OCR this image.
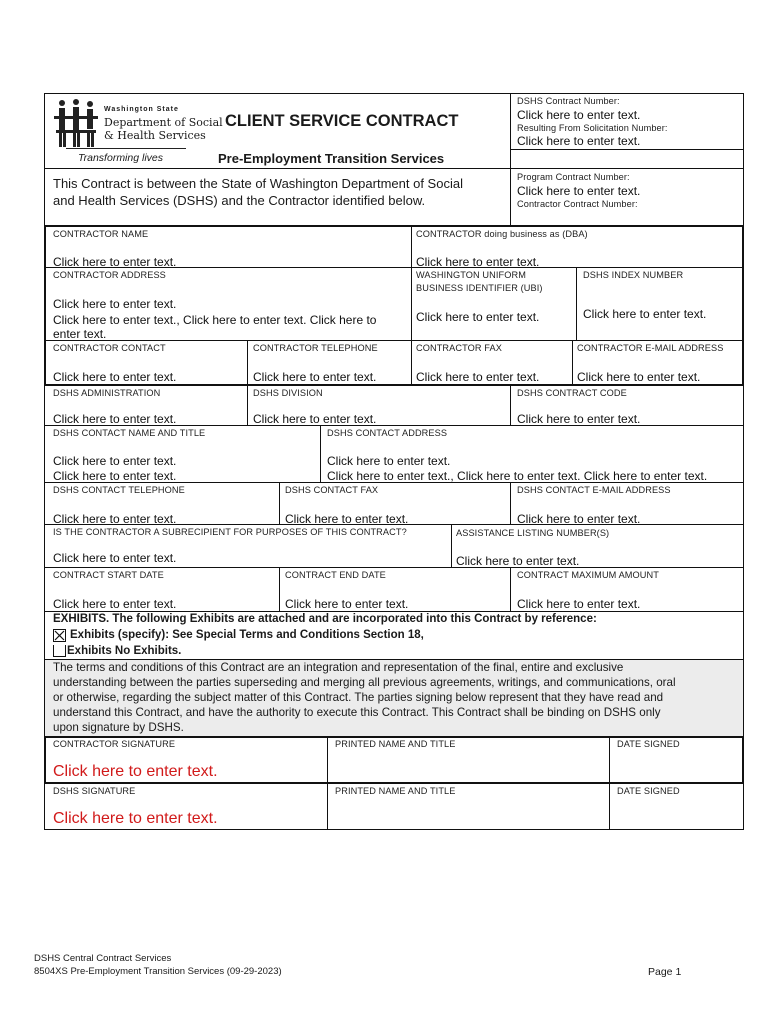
Washington State
Department of Social
& Health Services
Transforming lives
CLIENT SERVICE CONTRACT
Pre-Employment Transition Services
This Contract is between the State of Washington Department of Social
and Health Services (DSHS) and the Contractor identified below.
DSHS Contract Number:
Click here to enter text.
Resulting From Solicitation Number:
Click here to enter text.
Program Contract Number:
Click here to enter text.
Contractor Contract Number:
CONTRACTOR NAME
Click here to enter text.
CONTRACTOR doing business as (DBA)
Click here to enter text.
CONTRACTOR ADDRESS
Click here to enter text.
Click here to enter text., Click here to enter text. Click here to
enter text.
WASHINGTON UNIFORM
BUSINESS IDENTIFIER (UBI)
Click here to enter text.
DSHS INDEX NUMBER
Click here to enter text.
CONTRACTOR CONTACT
Click here to enter text.
CONTRACTOR TELEPHONE
Click here to enter text.
CONTRACTOR FAX
Click here to enter text.
CONTRACTOR E-MAIL ADDRESS
Click here to enter text.
DSHS ADMINISTRATION
Click here to enter text.
DSHS DIVISION
Click here to enter text.
DSHS CONTRACT CODE
Click here to enter text.
DSHS CONTACT NAME AND TITLE
Click here to enter text.
Click here to enter text.
DSHS CONTACT ADDRESS
Click here to enter text.
Click here to enter text., Click here to enter text. Click here to enter text.
DSHS CONTACT TELEPHONE
Click here to enter text.
DSHS CONTACT FAX
Click here to enter text.
DSHS CONTACT E-MAIL ADDRESS
Click here to enter text.
IS THE CONTRACTOR A SUBRECIPIENT FOR PURPOSES OF THIS CONTRACT?
Click here to enter text.
ASSISTANCE LISTING NUMBER(S)
Click here to enter text.
CONTRACT START DATE
Click here to enter text.
CONTRACT END DATE
Click here to enter text.
CONTRACT MAXIMUM AMOUNT
Click here to enter text.
EXHIBITS. The following Exhibits are attached and are incorporated into this Contract by reference:
Exhibits (specify): See Special Terms and Conditions Section 18,
Exhibits No Exhibits.
The terms and conditions of this Contract are an integration and representation of the final, entire and exclusive
understanding between the parties superseding and merging all previous agreements, writings, and communications, oral
or otherwise, regarding the subject matter of this Contract. The parties signing below represent that they have read and
understand this Contract, and have the authority to execute this Contract. This Contract shall be binding on DSHS only
upon signature by DSHS.
CONTRACTOR SIGNATURE
Click here to enter text.
PRINTED NAME AND TITLE	DATE SIGNED
DSHS SIGNATURE
Click here to enter text.
PRINTED NAME AND TITLE	DATE SIGNED
DSHS Central Contract Services
8504XS Pre-Employment Transition Services (09-29-2023)	Page 1
